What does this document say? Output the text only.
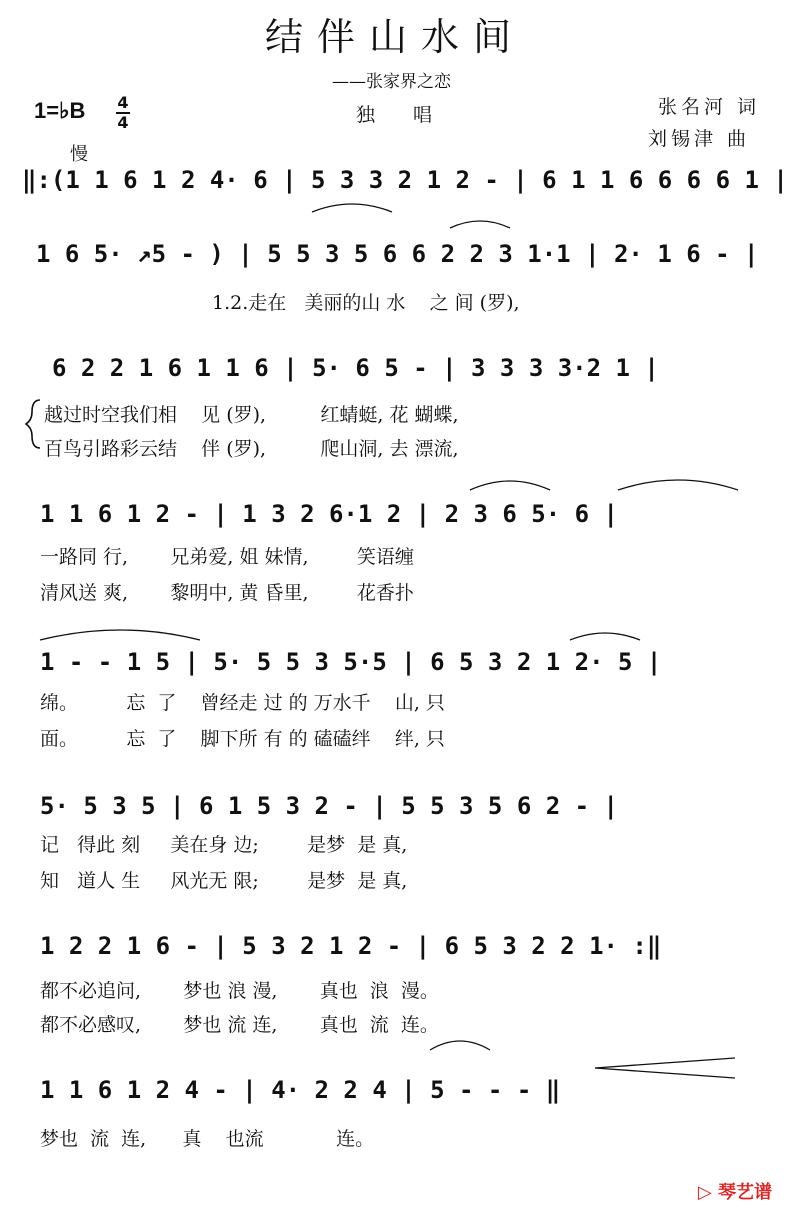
结伴山水间
——张家界之恋
1=♭B 4
4	独唱	张名河 词
刘锡津 曲
慢
‖:(1 1 6 1 2 4· 6 | 5 3 3 2 1 2 - | 6 1 1 6 6 6 6 1 |
1 6 5· ↗5 - ) | 5 5 3 5 6 6 2 2 3 1·1 | 2· 1 6 - |
1.2.走在   美丽的山 水    之 间 (罗),
6 2 2 1 6 1 1 6 | 5· 6 5 - | 3 3 3 3·2 1 |
越过时空我们相    见 (罗),         红蜻蜓, 花 蝴蝶,
百鸟引路彩云结    伴 (罗),         爬山洞, 去 漂流,
1 1 6 1 2 - | 1 3 2 6·1 2 | 2 3 6 5· 6 |
一路同 行,       兄弟爱, 姐 妹情,        笑语缠
清风送 爽,       黎明中, 黄 昏里,        花香扑
1 - - 1 5 | 5· 5 5 3 5·5 | 6 5 3 2 1 2· 5 |
绵。        忘  了    曾经走 过 的 万水千    山, 只
面。        忘  了    脚下所 有 的 磕磕绊    绊, 只
5· 5 3 5 | 6 1 5 3 2 - | 5 5 3 5 6 2 - |
记   得此 刻     美在身 边;        是梦  是 真,
知   道人 生     风光无 限;        是梦  是 真,
1 2 2 1 6 - | 5 3 2 1 2 - | 6 5 3 2 2 1· :‖
都不必追问,       梦也 浪 漫,       真也  浪  漫。
都不必感叹,       梦也 流 连,       真也  流  连。
1 1 6 1 2 4 - | 4· 2 2 4 | 5 - - - ‖
梦也  流  连,      真    也流            连。
▷ 琴艺谱
